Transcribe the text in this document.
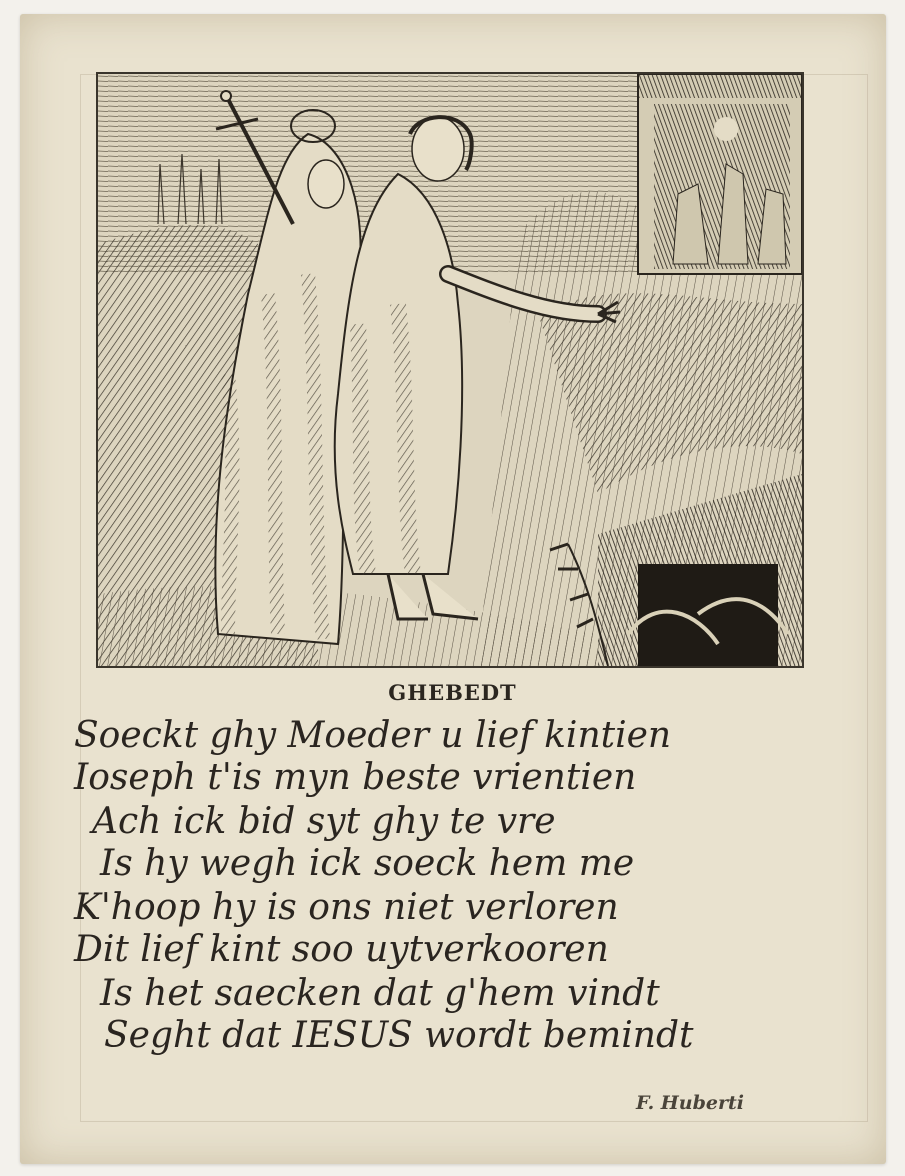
GHEBEDT
Soeckt ghy Moeder u lief kintien
Ioseph t'is myn beste vrientien
Ach ick bid syt ghy te vre
Is hy wegh ick soeck hem me
K'hoop hy is ons niet verloren
Dit lief kint soo uytverkooren
Is het saecken dat g'hem vindt
Seght dat IESUS wordt bemindt
F. Huberti
